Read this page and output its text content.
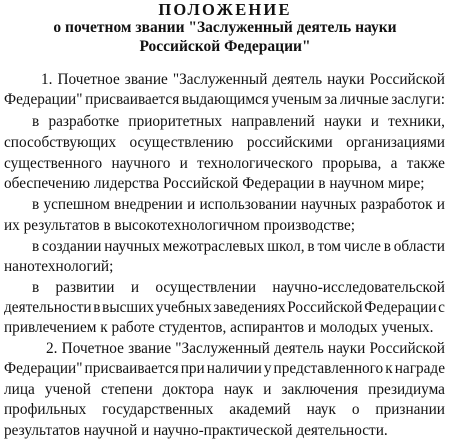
ПОЛОЖЕНИЕ
о почетном звании "Заслуженный деятель науки
Российской Федерации"
1. Почетное звание "Заслуженный деятель науки Российской
Федерации" присваивается выдающимся ученым за личные заслуги:
в разработке приоритетных направлений науки и техники,
способствующих осуществлению российскими организациями
существенного научного и технологического прорыва, а также
обеспечению лидерства Российской Федерации в научном мире;
в успешном внедрении и использовании научных разработок и
их результатов в высокотехнологичном производстве;
в создании научных межотраслевых школ, в том числе в области
нанотехнологий;
в развитии и осуществлении научно-исследовательской
деятельности в высших учебных заведениях Российской Федерации с
привлечением к работе студентов, аспирантов и молодых ученых.
2. Почетное звание "Заслуженный деятель науки Российской
Федерации" присваивается при наличии у представленного к награде
лица ученой степени доктора наук и заключения президиума
профильных государственных академий наук о признании
результатов научной и научно-практической деятельности.
